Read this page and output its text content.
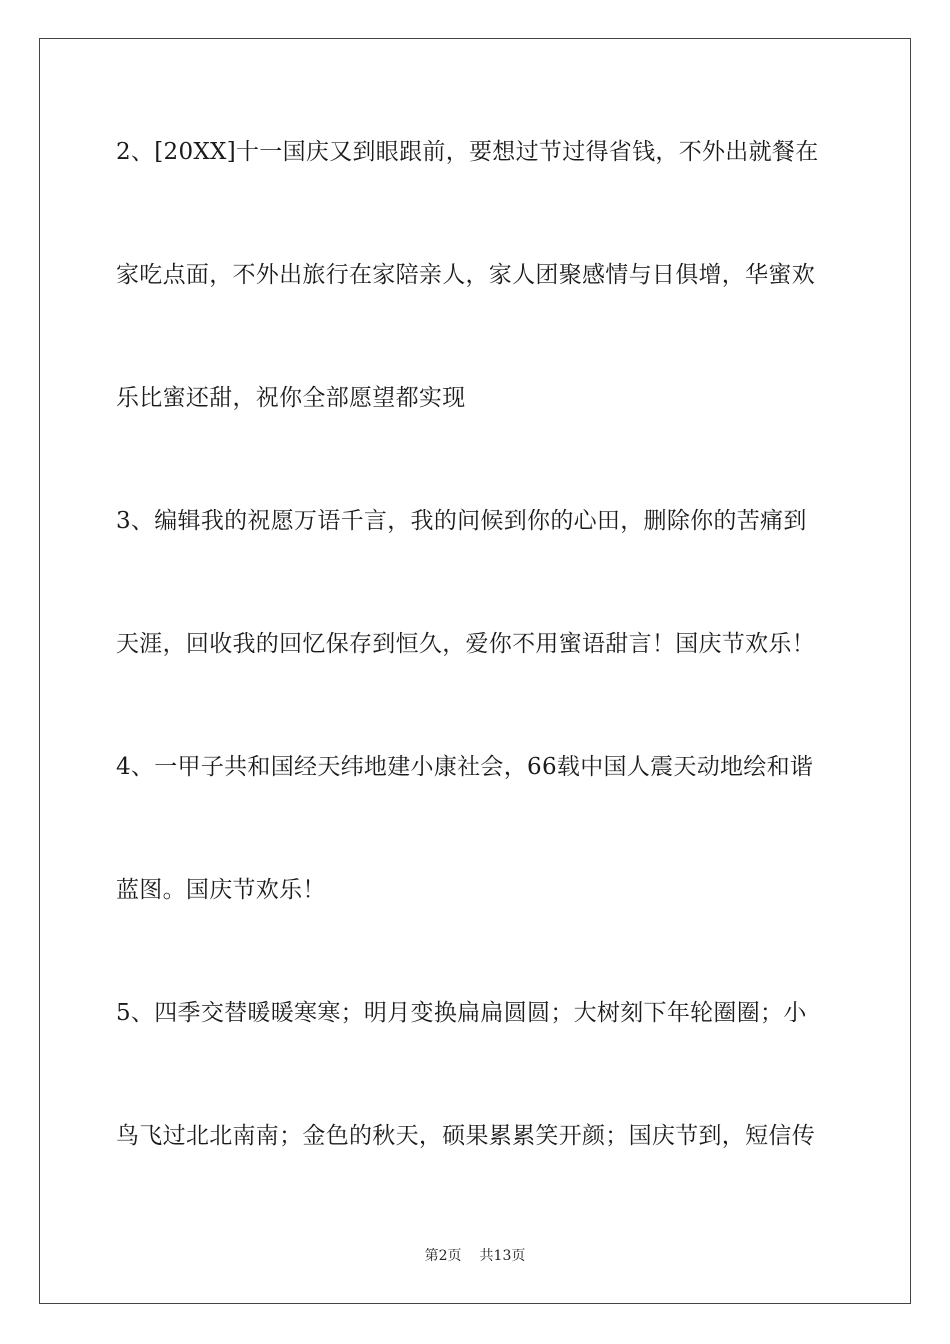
2、[20XX]十一国庆又到眼跟前，要想过节过得省钱，不外出就餐在
家吃点面，不外出旅行在家陪亲人，家人团聚感情与日俱增，华蜜欢
乐比蜜还甜，祝你全部愿望都实现
3、编辑我的祝愿万语千言，我的问候到你的心田，删除你的苦痛到
天涯，回收我的回忆保存到恒久，爱你不用蜜语甜言！国庆节欢乐！
4、一甲子共和国经天纬地建小康社会，66载中国人震天动地绘和谐
蓝图。国庆节欢乐！
5、四季交替暖暖寒寒；明月变换扁扁圆圆；大树刻下年轮圈圈；小
鸟飞过北北南南；金色的秋天，硕果累累笑开颜；国庆节到，短信传
第2页 共13页
